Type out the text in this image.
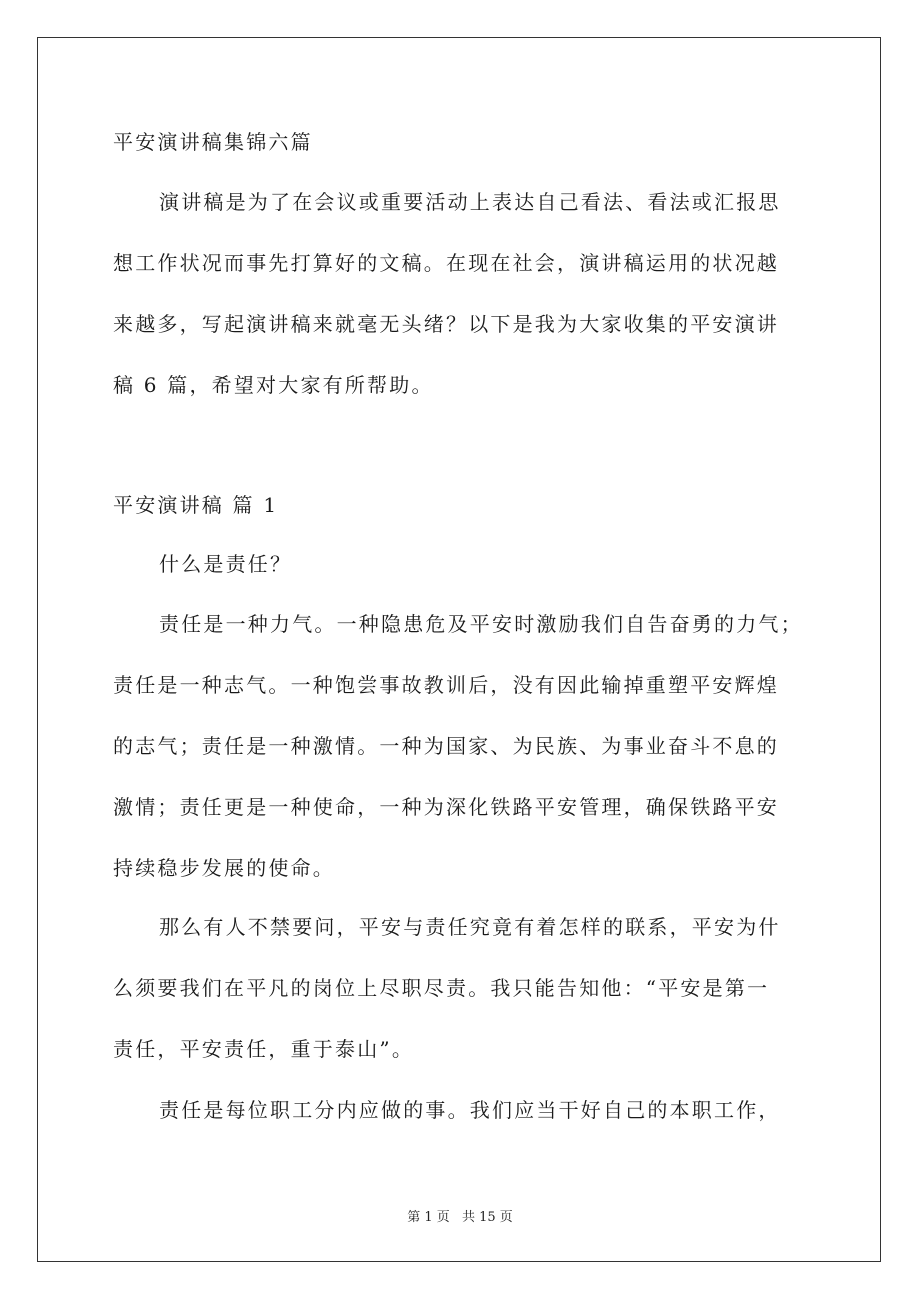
平安演讲稿集锦六篇
演讲稿是为了在会议或重要活动上表达自己看法、看法或汇报思
想工作状况而事先打算好的文稿。在现在社会，演讲稿运用的状况越
来越多，写起演讲稿来就毫无头绪？以下是我为大家收集的平安演讲
稿 6 篇，希望对大家有所帮助。
平安演讲稿 篇 1
什么是责任？
责任是一种力气。一种隐患危及平安时激励我们自告奋勇的力气；
责任是一种志气。一种饱尝事故教训后，没有因此输掉重塑平安辉煌
的志气；责任是一种激情。一种为国家、为民族、为事业奋斗不息的
激情；责任更是一种使命，一种为深化铁路平安管理，确保铁路平安
持续稳步发展的使命。
那么有人不禁要问，平安与责任究竟有着怎样的联系，平安为什
么须要我们在平凡的岗位上尽职尽责。我只能告知他：“平安是第一
责任，平安责任，重于泰山”。
责任是每位职工分内应做的事。我们应当干好自己的本职工作，
第 1 页 共 15 页
